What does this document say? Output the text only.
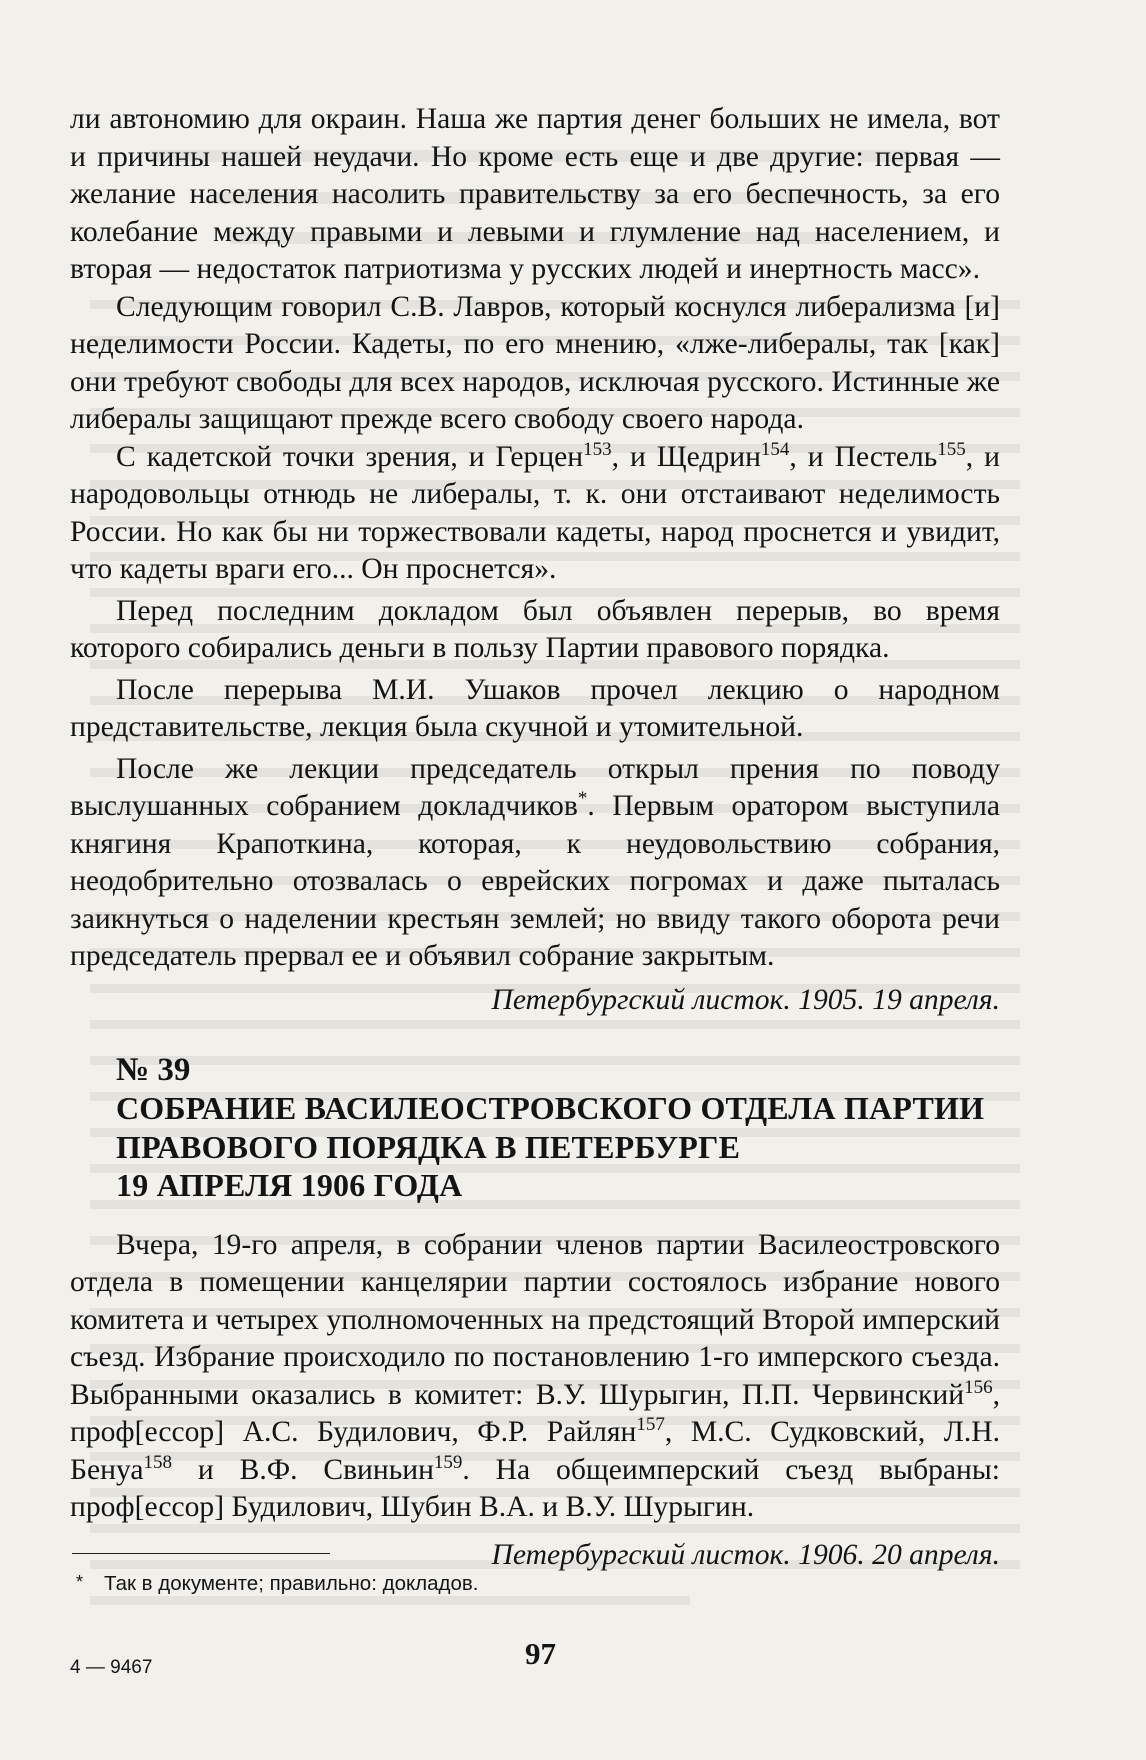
ли автономию для окраин. Наша же партия денег больших не имела, вот и причины нашей неудачи. Но кроме есть еще и две другие: первая — желание населения насолить правительству за его беспечность, за его колебание между правыми и левыми и глумление над населением, и вторая — недостаток патриотизма у русских людей и инертность масс».

Следующим говорил С.В. Лавров, который коснулся либерализма [и] неделимости России. Кадеты, по его мнению, «лже-либералы, так [как] они требуют свободы для всех народов, исключая русского. Истинные же либералы защищают прежде всего свободу своего народа.

С кадетской точки зрения, и Герцен$^{153}$, и Щедрин$^{154}$, и Пестель$^{155}$, и народовольцы отнюдь не либералы, т. к. они отстаивают неделимость России. Но как бы ни торжествовали кадеты, народ проснется и увидит, что кадеты враги его... Он проснется».

Перед последним докладом был объявлен перерыв, во время которого собирались деньги в пользу Партии правового порядка.

После перерыва М.И. Ушаков прочел лекцию о народном представительстве, лекция была скучной и утомительной.

После же лекции председатель открыл прения по поводу выслушанных собранием докладчиков*. Первым оратором выступила княгиня Крапоткина, которая, к неудовольствию собрания, неодобрительно отозвалась о еврейских погромах и даже пыталась заикнуться о наделении крестьян землей; но ввиду такого оборота речи председатель прервал ее и объявил собрание закрытым.

Петербургский листок. 1905. 19 апреля.

№ 39

СОБРАНИЕ ВАСИЛЕОСТРОВСКОГО ОТДЕЛА ПАРТИИ

ПРАВОВОГО ПОРЯДКА В ПЕТЕРБУРГЕ

19 АПРЕЛЯ 1906 ГОДА

Вчера, 19-го апреля, в собрании членов партии Василеостровского отдела в помещении канцелярии партии состоялось избрание нового комитета и четырех уполномоченных на предстоящий Второй имперский съезд. Избрание происходило по постановлению 1-го имперского съезда. Выбранными оказались в комитет: В.У. Шурыгин, П.П. Червинский$^{156}$, проф[ессор] А.С. Будилович, Ф.Р. Райлян$^{157}$, М.С. Судковский, Л.Н. Бенуа$^{158}$ и В.Ф. Свиньин$^{159}$. На общеимперский съезд выбраны: проф[ессор] Будилович, Шубин В.А. и В.У. Шурыгин.

Петербургский листок. 1906. 20 апреля.

* Так в документе; правильно: докладов.
4 — 9467	97
